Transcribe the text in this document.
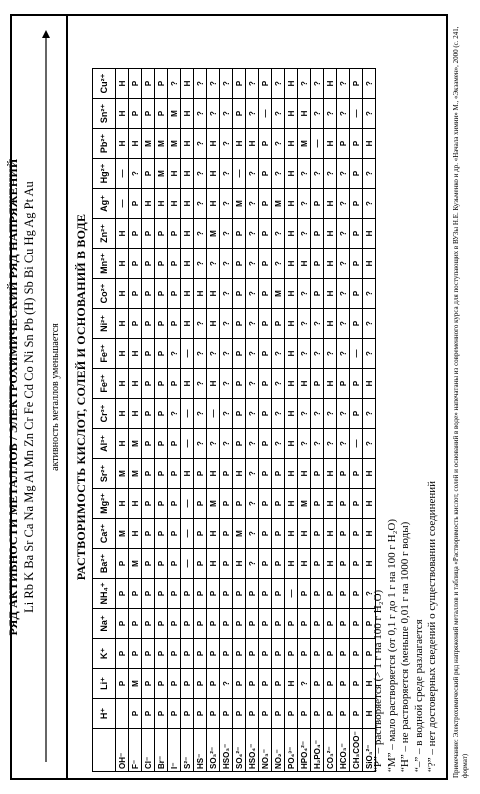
РЯД АКТИВНОСТИ МЕТАЛЛОВ / ЭЛЕКТРОХИМИЧЕСКИЙ РЯД НАПРЯЖЕНИЙ Li Rb K Ba Sr Ca Na Mg Al Mn Zn Cr Fe Cd Co Ni Sn Pb (H) Sb Bi Cu Hg Ag Pt Au активность металлов уменьшается РАСТВОРИМОСТЬ КИСЛОТ, СОЛЕЙ И ОСНОВАНИЙ В ВОДЕ
	H⁺	Li⁺	K⁺	Na⁺	NH₄⁺	Ba²⁺	Ca²⁺	Mg²⁺	Sr²⁺	Al³⁺	Cr³⁺	Fe²⁺	Fe³⁺	Ni²⁺	Co²⁺	Mn²⁺	Zn²⁺	Ag⁺	Hg²⁺	Pb²⁺	Sn²⁺	Cu²⁺
OH⁻		Р	Р	Р	Р	Р	М	Н	М	Н	Н	Н	Н	Н	Н	Н	Н	—	—	Н	Н	Н
F⁻	Р	М	Р	Р	Р	М	Н	Н	М	М	Н	Н	Н	Р	Р	Р	Р	Р	?	Н	Р	Р
Cl⁻	Р	Р	Р	Р	Р	Р	Р	Р	Р	Р	Р	Р	Р	Р	Р	Р	Р	Н	Р	М	Р	Р
Br⁻	Р	Р	Р	Р	Р	Р	Р	Р	Р	Р	Р	Р	Р	Р	Р	Р	Р	Н	М	М	Р	Р
I⁻	Р	Р	Р	Р	Р	Р	Р	Р	Р	Р	?	Р	?	Р	Р	Р	Р	Н	Н	М	М	?
S²⁻	Р	Р	Р	Р	Р	—	—	—	Н	—	—	Н	—	Н	Н	Н	Н	Н	Н	Н	Н	Н
HS⁻	Р	Р	Р	Р	Р	Р	Р	Р	Р	?	?	?	?	?	Н	?	?	?	?	?	?	?
SO₃²⁻	Р	Р	Р	Р	Р	Н	Н	М	Н	?	—	Н	?	Н	Н	?	М	Н	Н	Н	?	?
HSO₃⁻	Р	?	Р	Р	Р	Р	Р	Р	Р	?	?	?	?	?	?	?	?	?	?	?	?	?
SO₄²⁻	Р	Р	Р	Р	Р	Н	М	Р	Н	Р	Р	Р	Р	Р	Р	Р	Р	М	—	Н	Р	Р
HSO₄⁻	Р	Р	Р	Р	Р	?	?	?	?	?	?	?	?	?	?	?	?	?	?	Н	?	?
NO₃⁻	Р	Р	Р	Р	Р	Р	Р	Р	Р	Р	Р	Р	Р	Р	Р	Р	Р	Р	Р	Р	—	Р
NO₂⁻	Р	Р	Р	Р	Р	Р	Р	Р	Р	?	?	?	?	Р	М	?	?	М	?	?	?	?
PO₄³⁻	Р	Н	Р	Р	—	Н	Н	Н	Н	Н	Н	Н	Н	Н	Н	Н	Н	Н	Н	Н	Н	Н
HPO₄²⁻	Р	?	Р	Р	Р	Н	Н	М	Н	?	?	Н	?	?	?	Н	?	?	?	М	Н	?
H₂PO₄⁻	Р	Р	Р	Р	Р	Р	Р	Р	Р	?	?	Р	?	?	Р	Р	Р	Р	?	—	?	?
CO₃²⁻	Р	Р	Р	Р	Р	Н	Н	Н	Н	?	?	Н	?	Н	Н	Н	Н	Н	?	Н	?	Н
HCO₃⁻	Р	Р	Р	Р	Р	Р	Р	Р	Р	?	?	Р	?	?	?	?	?	?	?	Р	?	?
CH₃COO⁻	Р	Р	Р	Р	Р	Р	Р	Р	Р	—	Р	Р	—	Р	Р	Р	Р	Р	Р	Р	—	Р
SiO₃²⁻	Н	Н	Р	Р	?	Н	Н	Н	Н	?	?	Н	?	?	?	Н	Н	?	?	Н	?	?
“Р” – растворяется (> 1 г на 100 г H₂O) “М” – мало растворяется (от 0,1 г до 1 г на 100 г H₂O) “Н” – не растворяется (меньше 0,01 г на 1000 г воды) “–” – в водной среде разлагается “?” – нет достоверных сведений о существовании соединений Примечание: Электрохимический ряд напряжений металлов и таблица «Растворимость кислот, солей и оснований в воде» напечатаны из современного курса для поступающих в ВУЗы Н.Е. Кузьменко и др. «Начала химии» М., «Экзамен», 2000 (с. 241, формат)
